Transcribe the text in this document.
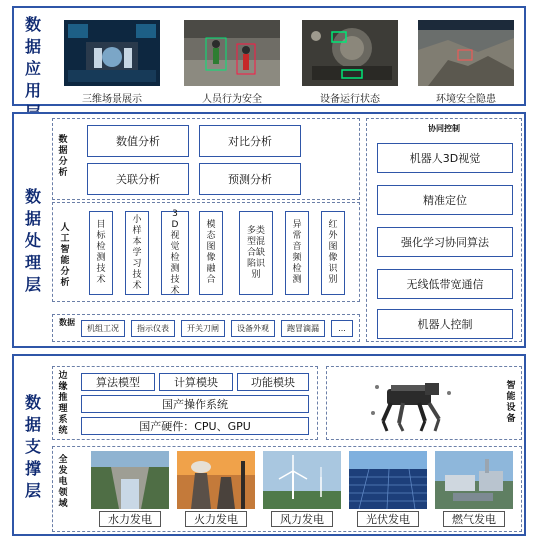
数据应用	三维场景展示	人员行为安全	设备运行状态	环境安全隐患
数据处理层
数据分析
数值分析	对比分析
关联分析	预测分析
人工智能分析
目标检测技术
小样本学习技术
3D视觉检测技术
模态图像融合
多类型混合缺陷识别
异常音频检测
红外图像识别
数据
机组工况	指示仪表	开关刀闸	设备外观	跑冒滴漏	...
协同控制
机器人3D视觉
精准定位
强化学习协同算法
无线低带宽通信
机器人控制
数据支撑层
边缘推理系统
算法模型	计算模块	功能模块
国产操作系统
国产硬件：CPU、GPU
智能设备
全发电领域
水力发电	火力发电	风力发电	光伏发电	燃气发电
